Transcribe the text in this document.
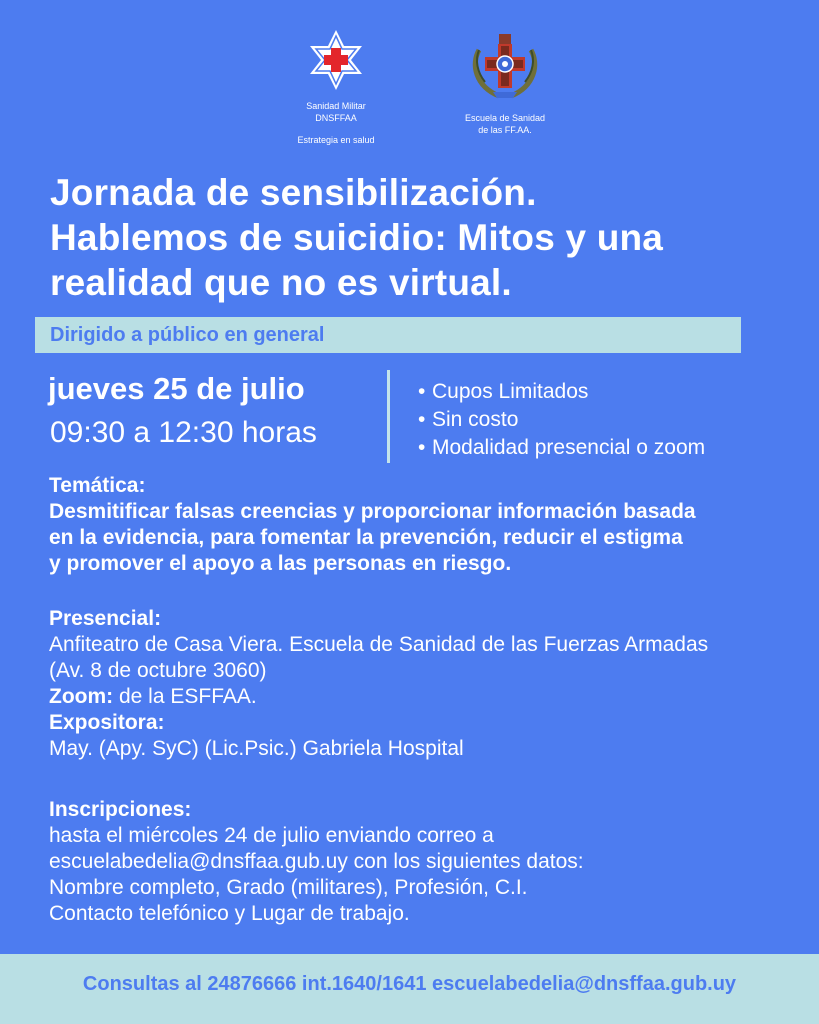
Sanidad Militar
DNSFFAA
Estrategia en salud
Escuela de Sanidad
de las FF.AA.
Jornada de sensibilización.
Hablemos de suicidio: Mitos y una
realidad que no es virtual.
Dirigido a público en general
jueves 25 de julio
09:30 a 12:30 horas
• Cupos Limitados
• Sin costo
• Modalidad presencial o zoom
Temática:
Desmitificar falsas creencias y proporcionar información basada
en la evidencia, para fomentar la prevención, reducir el estigma
y promover el apoyo a las personas en riesgo.
Presencial:
Anfiteatro de Casa Viera. Escuela de Sanidad de las Fuerzas Armadas
(Av. 8 de octubre 3060)
Zoom: de la ESFFAA.
Expositora:
May. (Apy. SyC) (Lic.Psic.) Gabriela Hospital
Inscripciones:
hasta el miércoles 24 de julio enviando correo a
escuelabedelia@dnsffaa.gub.uy con los siguientes datos:
Nombre completo, Grado (militares), Profesión, C.I.
Contacto telefónico y Lugar de trabajo.
Consultas al 24876666 int.1640/1641 escuelabedelia@dnsffaa.gub.uy
